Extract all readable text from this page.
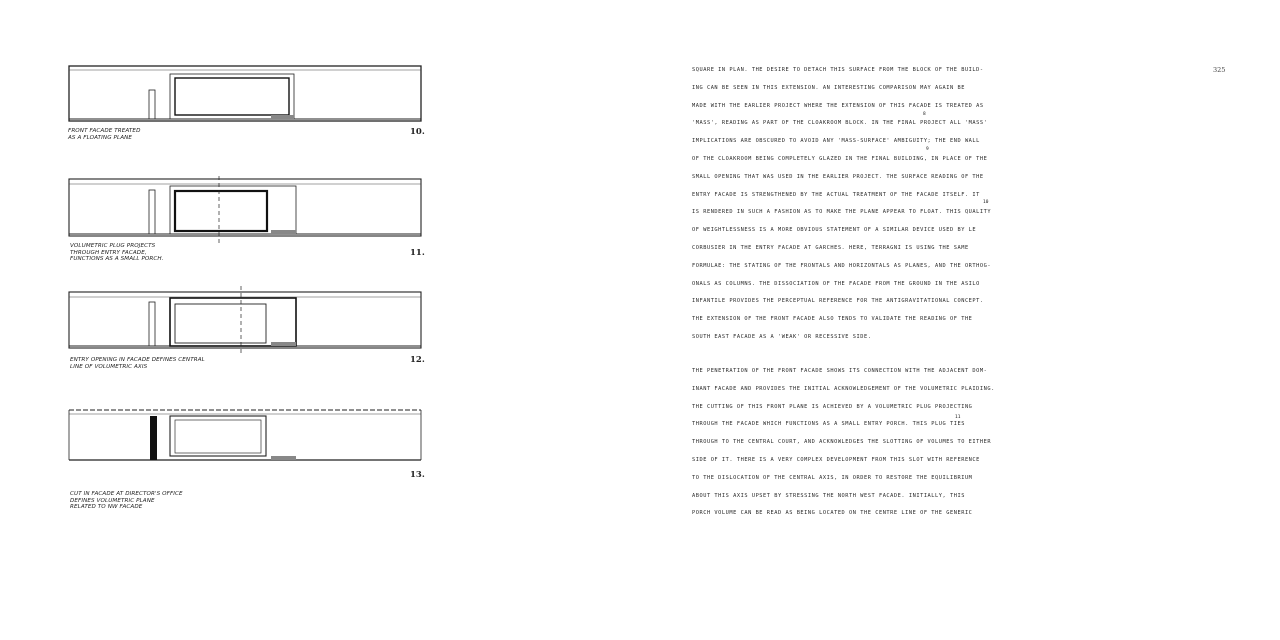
FRONT FACADE TREATED
AS A FLOATING PLANE
10.
VOLUMETRIC PLUG PROJECTS
THROUGH ENTRY FACADE,
FUNCTIONS AS A SMALL PORCH.
11.
ENTRY OPENING IN FACADE DEFINES CENTRAL
LINE OF VOLUMETRIC AXIS
12.
CUT IN FACADE AT DIRECTOR'S OFFICE
DEFINES VOLUMETRIC PLANE
RELATED TO NW FACADE
13.
325
SQUARE IN PLAN. THE DESIRE TO DETACH THIS SURFACE FROM THE BLOCK OF THE BUILD-
ING CAN BE SEEN IN THIS EXTENSION. AN INTERESTING COMPARISON MAY AGAIN BE
MADE WITH THE EARLIER PROJECT WHERE THE EXTENSION OF THIS FACADE IS TREATED AS
'MASS', READING AS PART OF THE CLOAKROOM BLOCK. IN THE FINAL PROJECT ALL 'MASS'
IMPLICATIONS ARE OBSCURED TO AVOID ANY 'MASS-SURFACE' AMBIGUITY; THE END WALL
OF THE CLOAKROOM BEING COMPLETELY GLAZED IN THE FINAL BUILDING, IN PLACE OF THE
SMALL OPENING THAT WAS USED IN THE EARLIER PROJECT. THE SURFACE READING OF THE
ENTRY FACADE IS STRENGTHENED BY THE ACTUAL TREATMENT OF THE FACADE ITSELF. IT
IS RENDERED IN SUCH A FASHION AS TO MAKE THE PLANE APPEAR TO FLOAT. THIS QUALITY
OF WEIGHTLESSNESS IS A MORE OBVIOUS STATEMENT OF A SIMILAR DEVICE USED BY LE
CORBUSIER IN THE ENTRY FACADE AT GARCHES. HERE, TERRAGNI IS USING THE SAME
FORMULAE: THE STATING OF THE FRONTALS AND HORIZONTALS AS PLANES, AND THE ORTHOG-
ONALS AS COLUMNS. THE DISSOCIATION OF THE FACADE FROM THE GROUND IN THE ASILO
INFANTILE PROVIDES THE PERCEPTUAL REFERENCE FOR THE ANTIGRAVITATIONAL CONCEPT.
THE EXTENSION OF THE FRONT FACADE ALSO TENDS TO VALIDATE THE READING OF THE
SOUTH EAST FACADE AS A 'WEAK' OR RECESSIVE SIDE.
8
9
10
11
THE PENETRATION OF THE FRONT FACADE SHOWS ITS CONNECTION WITH THE ADJACENT DOM-
INANT FACADE AND PROVIDES THE INITIAL ACKNOWLEDGEMENT OF THE VOLUMETRIC PLAIDING.
THE CUTTING OF THIS FRONT PLANE IS ACHIEVED BY A VOLUMETRIC PLUG PROJECTING
THROUGH THE FACADE WHICH FUNCTIONS AS A SMALL ENTRY PORCH. THIS PLUG TIES
THROUGH TO THE CENTRAL COURT, AND ACKNOWLEDGES THE SLOTTING OF VOLUMES TO EITHER
SIDE OF IT. THERE IS A VERY COMPLEX DEVELOPMENT FROM THIS SLOT WITH REFERENCE
TO THE DISLOCATION OF THE CENTRAL AXIS, IN ORDER TO RESTORE THE EQUILIBRIUM
ABOUT THIS AXIS UPSET BY STRESSING THE NORTH WEST FACADE. INITIALLY, THIS
PORCH VOLUME CAN BE READ AS BEING LOCATED ON THE CENTRE LINE OF THE GENERIC
